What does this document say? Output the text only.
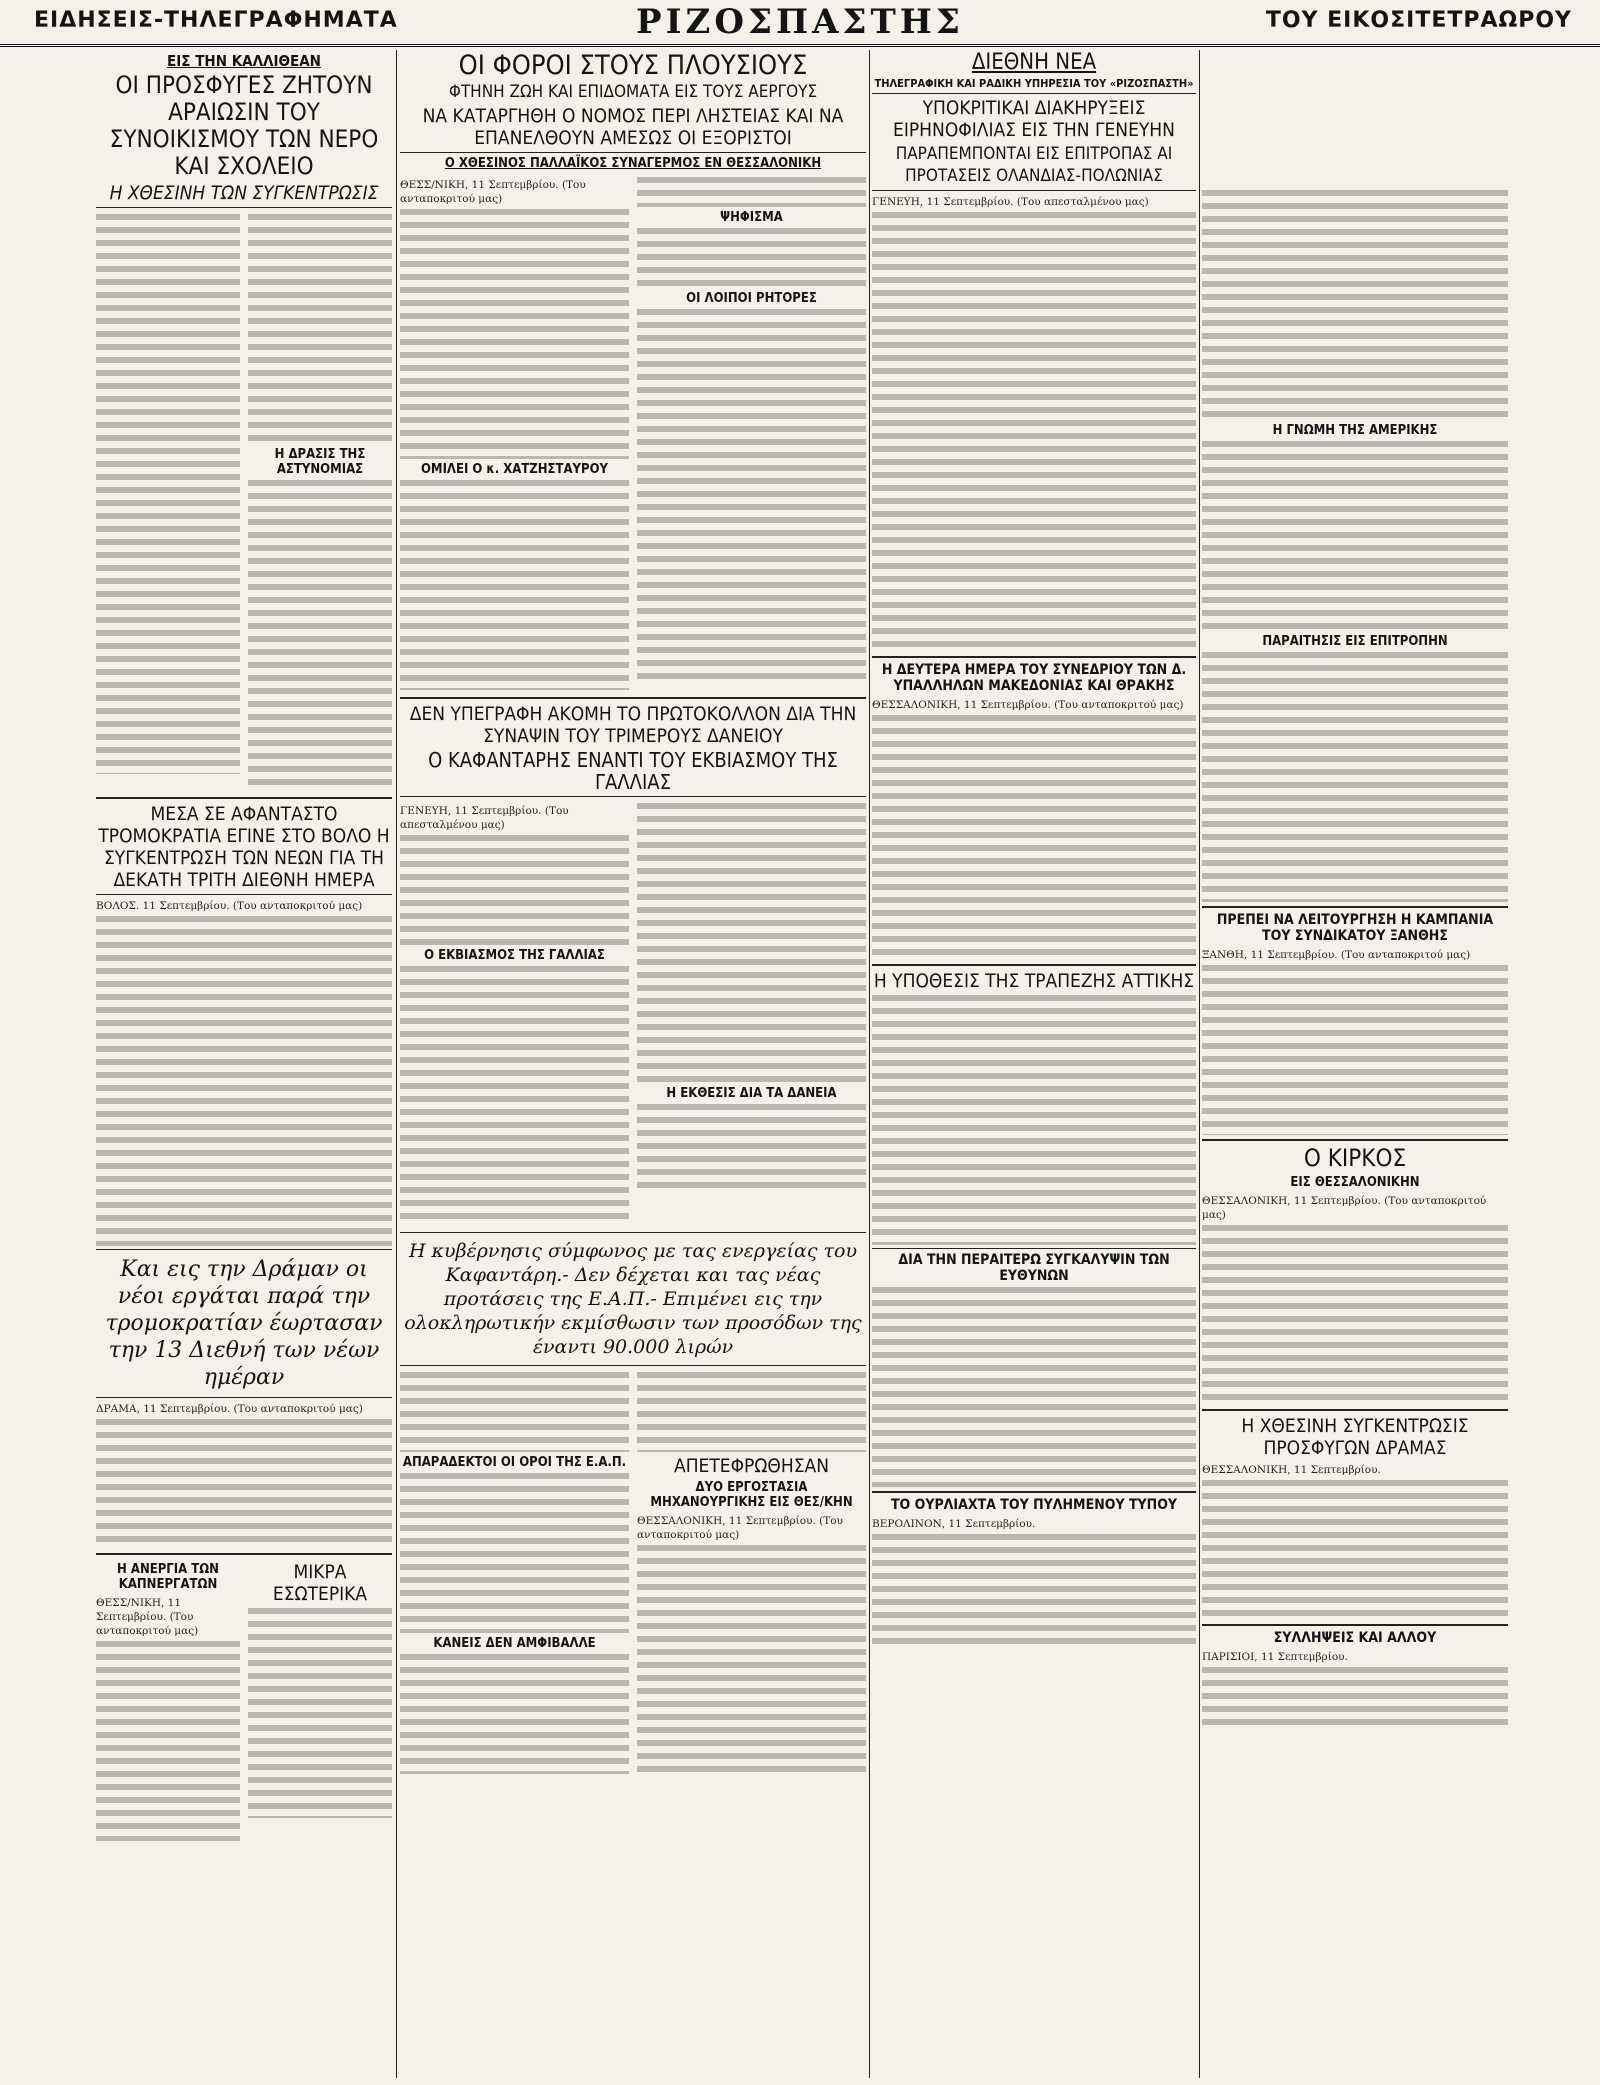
ΕΙΔΗΣΕΙΣ-ΤΗΛΕΓΡΑΦΗΜΑΤΑ	ΡΙΖΟΣΠΑΣΤΗΣ	ΤΟΥ ΕΙΚΟΣΙΤΕΤΡΑΩΡΟΥ
ΕΙΣ ΤΗΝ ΚΑΛΛΙΘΕΑΝ
ΟΙ ΠΡΟΣΦΥΓΕΣ ΖΗΤΟΥΝ ΑΡΑΙΩΣΙΝ ΤΟΥ ΣΥΝΟΙΚΙΣΜΟΥ ΤΩΝ ΝΕΡΟ ΚΑΙ ΣΧΟΛΕΙΟ
Η ΧΘΕΣΙΝΗ ΤΩΝ ΣΥΓΚΕΝΤΡΩΣΙΣ
Η ΔΡΑΣΙΣ ΤΗΣ ΑΣΤΥΝΟΜΙΑΣ
ΜΕΣΑ ΣΕ ΑΦΑΝΤΑΣΤΟ ΤΡΟΜΟΚΡΑΤΙΑ ΕΓΙΝΕ ΣΤΟ ΒΟΛΟ Η ΣΥΓΚΕΝΤΡΩΣΗ ΤΩΝ ΝΕΩΝ ΓΙΑ ΤΗ ΔΕΚΑΤΗ ΤΡΙΤΗ ΔΙΕΘΝΗ ΗΜΕΡΑ
ΒΟΛΟΣ. 11 Σεπτεμβρίου. (Του ανταποκριτού μας)
Και εις την Δράμαν οι νέοι εργάται παρά την τρομοκρατίαν έωρτασαν την 13 Διεθνή των νέων ημέραν
ΔΡΑΜΑ, 11 Σεπτεμβρίου. (Του ανταποκριτού μας)
Η ΑΝΕΡΓΙΑ ΤΩΝ ΚΑΠΝΕΡΓΑΤΩΝ
ΘΕΣΣ/ΝΙΚΗ, 11 Σεπτεμβρίου. (Του ανταποκριτού μας)
ΜΙΚΡΑ ΕΣΩΤΕΡΙΚΑ
ΟΙ ΦΟΡΟΙ ΣΤΟΥΣ ΠΛΟΥΣΙΟΥΣ
ΦΤΗΝΗ ΖΩΗ ΚΑΙ ΕΠΙΔΟΜΑΤΑ ΕΙΣ ΤΟΥΣ ΑΕΡΓΟΥΣ
ΝΑ ΚΑΤΑΡΓΗΘΗ Ο ΝΟΜΟΣ ΠΕΡΙ ΛΗΣΤΕΙΑΣ ΚΑΙ ΝΑ ΕΠΑΝΕΛΘΟΥΝ ΑΜΕΣΩΣ ΟΙ ΕΞΟΡΙΣΤΟΙ
Ο ΧΘΕΣΙΝΟΣ ΠΑΛΛΑΪΚΟΣ ΣΥΝΑΓΕΡΜΟΣ ΕΝ ΘΕΣΣΑΛΟΝΙΚΗ
ΘΕΣΣ/ΝΙΚΗ, 11 Σεπτεμβρίου. (Του ανταποκριτού μας)
ΟΜΙΛΕΙ Ο κ. ΧΑΤΖΗΣΤΑΥΡΟΥ
ΨΗΦΙΣΜΑ
ΟΙ ΛΟΙΠΟΙ ΡΗΤΟΡΕΣ
ΔΕΝ ΥΠΕΓΡΑΦΗ ΑΚΟΜΗ ΤΟ ΠΡΩΤΟΚΟΛΛΟΝ ΔΙΑ ΤΗΝ ΣΥΝΑΨΙΝ ΤΟΥ ΤΡΙΜΕΡΟΥΣ ΔΑΝΕΙΟΥ
Ο ΚΑΦΑΝΤΑΡΗΣ ΕΝΑΝΤΙ ΤΟΥ ΕΚΒΙΑΣΜΟΥ ΤΗΣ ΓΑΛΛΙΑΣ
ΓΕΝΕΥΗ, 11 Σεπτεμβρίου. (Του απεσταλμένου μας)
Ο ΕΚΒΙΑΣΜΟΣ ΤΗΣ ΓΑΛΛΙΑΣ
Η ΕΚΘΕΣΙΣ ΔΙΑ ΤΑ ΔΑΝΕΙΑ
Η κυβέρνησις σύμφωνος με τας ενεργείας του Καφαντάρη.- Δεν δέχεται και τας νέας προτάσεις της Ε.Α.Π.- Επιμένει εις την ολοκληρωτικήν εκμίσθωσιν των προσόδων της έναντι 90.000 λιρών
ΑΠΑΡΑΔΕΚΤΟΙ ΟΙ ΟΡΟΙ ΤΗΣ Ε.Α.Π.
ΚΑΝΕΙΣ ΔΕΝ ΑΜΦΙΒΑΛΛΕ
ΑΠΕΤΕΦΡΩΘΗΣΑΝ
ΔΥΟ ΕΡΓΟΣΤΑΣΙΑ ΜΗΧΑΝΟΥΡΓΙΚΗΣ ΕΙΣ ΘΕΣ/ΚΗΝ
ΘΕΣΣΑΛΟΝΙΚΗ, 11 Σεπτεμβρίου. (Του ανταποκριτού μας)
ΔΙΕΘΝΗ ΝΕΑ
ΤΗΛΕΓΡΑΦΙΚΗ ΚΑΙ ΡΑΔΙΚΗ ΥΠΗΡΕΣΙΑ ΤΟΥ «ΡΙΖΟΣΠΑΣΤΗ»
ΥΠΟΚΡΙΤΙΚΑΙ ΔΙΑΚΗΡΥΞΕΙΣ ΕΙΡΗΝΟΦΙΛΙΑΣ ΕΙΣ ΤΗΝ ΓΕΝΕΥΗΝ
ΠΑΡΑΠΕΜΠΟΝΤΑΙ ΕΙΣ ΕΠΙΤΡΟΠΑΣ ΑΙ ΠΡΟΤΑΣΕΙΣ ΟΛΑΝΔΙΑΣ-ΠΟΛΩΝΙΑΣ
ΓΕΝΕΥΗ, 11 Σεπτεμβρίου. (Του απεσταλμένου μας)
Η ΔΕΥΤΕΡΑ ΗΜΕΡΑ ΤΟΥ ΣΥΝΕΔΡΙΟΥ ΤΩΝ Δ. ΥΠΑΛΛΗΛΩΝ ΜΑΚΕΔΟΝΙΑΣ ΚΑΙ ΘΡΑΚΗΣ
ΘΕΣΣΑΛΟΝΙΚΗ, 11 Σεπτεμβρίου. (Του ανταποκριτού μας)
Η ΥΠΟΘΕΣΙΣ ΤΗΣ ΤΡΑΠΕΖΗΣ ΑΤΤΙΚΗΣ
ΔΙΑ ΤΗΝ ΠΕΡΑΙΤΕΡΩ ΣΥΓΚΑΛΥΨΙΝ ΤΩΝ ΕΥΘΥΝΩΝ
ΤΟ ΟΥΡΛΙΑΧΤΑ ΤΟΥ ΠΥΛΗΜΕΝΟΥ ΤΥΠΟΥ
ΒΕΡΟΛΙΝΟΝ, 11 Σεπτεμβρίου.
Η ΓΝΩΜΗ ΤΗΣ ΑΜΕΡΙΚΗΣ
ΠΑΡΑΙΤΗΣΙΣ ΕΙΣ ΕΠΙΤΡΟΠΗΝ
ΠΡΕΠΕΙ ΝΑ ΛΕΙΤΟΥΡΓΗΣΗ Η ΚΑΜΠΑΝΙΑ ΤΟΥ ΣΥΝΔΙΚΑΤΟΥ ΞΑΝΘΗΣ
ΞΑΝΘΗ, 11 Σεπτεμβρίου. (Του ανταποκριτού μας)
Ο ΚΙΡΚΟΣ
ΕΙΣ ΘΕΣΣΑΛΟΝΙΚΗΝ
ΘΕΣΣΑΛΟΝΙΚΗ, 11 Σεπτεμβρίου. (Του ανταποκριτού μας)
Η ΧΘΕΣΙΝΗ ΣΥΓΚΕΝΤΡΩΣΙΣ ΠΡΟΣΦΥΓΩΝ ΔΡΑΜΑΣ
ΘΕΣΣΑΛΟΝΙΚΗ, 11 Σεπτεμβρίου.
ΣΥΛΛΗΨΕΙΣ ΚΑΙ ΑΛΛΟΥ
ΠΑΡΙΣΙΟΙ, 11 Σεπτεμβρίου.
